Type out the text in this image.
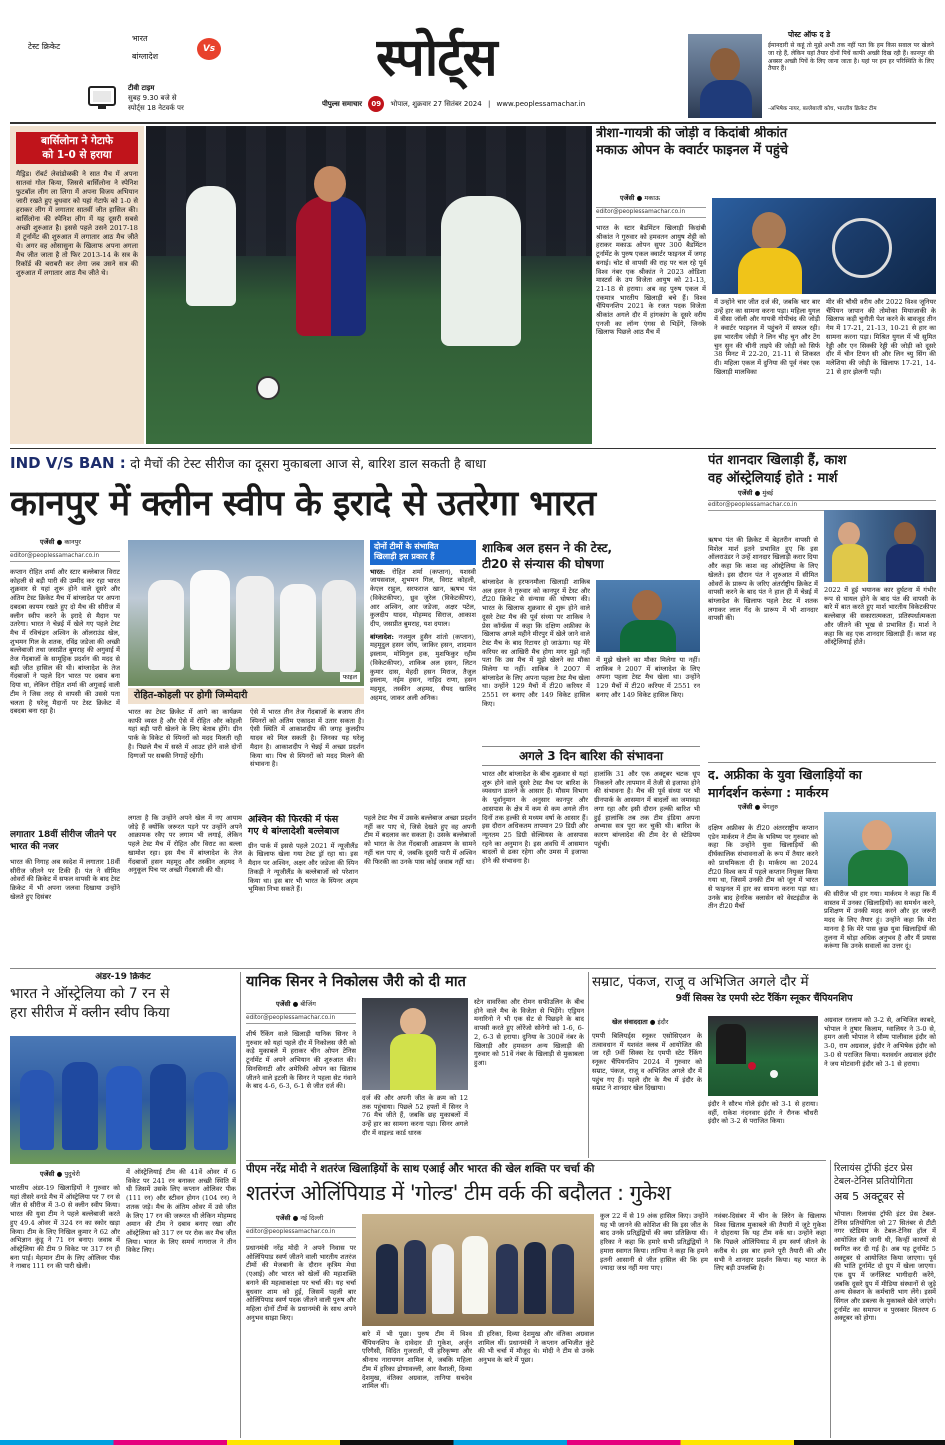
टेस्ट क्रिकेट
भारत
बांग्लादेश
Vs
टीवी टाइम
सुबह 9.30 बजे से
स्पोर्ट्स 18 नेटवर्क पर
स्पोर्ट्स
पीपुल्स समाचार 09 भोपाल, शुक्रवार 27 सितंबर 2024 | www.peoplessamachar.in
पोस्ट ऑफ द डे
ईमानदारी से कहूं तो मुझे अभी तक नहीं पता कि हम किस सवाल पर खेलने जा रहे हैं, लेकिन यहां तैयार दोनों पिचें काफी अच्छी दिख रही हैं। कानपुर की अक्सर अच्छी पिचें के लिए जाना जाता है। यहां पर हम हर परिस्थिति के लिए तैयार हैं।
-अभिषेक नायर, बल्लेबाजी कोच, भारतीय क्रिकेट टीम
बार्सिलोना ने गेटाफे
को 1-0 से हराया
मैड्रिड। रॉबर्ट लेवांडोव्स्की ने सात मैच में अपना सातवां गोल किया, जिससे बार्सिलोना ने स्पेनिश फुटबॉल लीग ला लिगा में अपना विजय अभियान जारी रखते हुए बुधवार को यहां गेटाफे को 1-0 से हराकर लीग में लगातार सातवीं जीत हासिल की। बार्सिलोना की स्पेनिश लीग में यह दूसरी सबसे अच्छी शुरुआत है। इससे पहले उसने 2017-18 में टूर्नामेंट की शुरुआत में लगातार आठ मैच जीते थे। अगर वह ओसासुना के खिलाफ अपना अगला मैच जीत जाता है तो फिर 2013-14 के सत्र के रिकॉर्ड की बराबरी कर लेगा जब उसने सत्र की शुरुआत में लगातार आठ मैच जीते थे।
त्रीशा-गायत्री की जोड़ी व किदांबी श्रीकांत
मकाऊ ओपन के क्वार्टर फाइनल में पहुंचे
एजेंसी ● मकाऊ
editor@peoplessamachar.co.in
भारत के स्टार बैडमिंटन खिलाड़ी किदांबी श्रीकांत ने गुरुवार को हमवतन आयुष शेट्टी को हराकर मकाऊ ओपन सुपर 300 बैडमिंटन टूर्नामेंट के पुरुष एकल क्वार्टर फाइनल में जगह बनाई। चोट से वापसी की राह पर चल रहे पूर्व विश्व नंबर एक श्रीकांत ने 2023 ओडिशा मास्टर्स के उप विजेता आयुष को 21-13, 21-18 से हराया। अब वह पुरुष एकल में एकमात्र भारतीय खिलाड़ी बचे हैं। विश्व चैंपियनशिप 2021 के रजत पदक विजेता श्रीकांत अगले दौर में हांगकांग के दूसरे वरीय एनजी का लॉन्ग एंगस से भिड़ेंगे, जिनके खिलाफ पिछले आठ मैच में
में उन्होंने चार जीत दर्ज की, जबकि चार बार उन्हें हार का सामना करना पड़ा। महिला युगल में त्रीसा जॉली और गायत्री गोपीचंद की जोड़ी ने क्वार्टर फाइनल में पहुंचने में सफल रही। इस भारतीय जोड़ी ने लिन चीह चुन और टेंग चुन सुन की चीनी ताइपे की जोड़ी को सिर्फ 38 मिनट में 22-20, 21-11 से शिकस्त दी। महिला एकल में दुनिया की पूर्व नंबर एक खिलाड़ी मालविका
मीर की चौथी वरीय और 2022 विश्व जूनियर चैंपियन जापान की तोमोका मियाजाकी के खिलाफ कड़ी चुनौती पेश करने के बावजूद तीन गेम में 17-21, 21-13, 10-21 से हार का सामना करना पड़ा। मिश्रित युगल में भी सुमित रेड्डी और एन सिक्की रेड्डी की जोड़ी को दूसरे दौर में चीन टियन सी और लिन च्यु सिंग की मलेशिया की जोड़ी के खिलाफ 17-21, 14-21 से हार झेलनी पड़ी।
IND V/S BAN : दो मैचों की टेस्ट सीरीज का दूसरा मुकाबला आज से, बारिश डाल सकती है बाधा
कानपुर में क्लीन स्वीप के इरादे से उतरेगा भारत
पंत शानदार खिलाड़ी हैं, काश
वह ऑस्ट्रेलियाई होते : मार्श
एजेंसी ● मुंबई
editor@peoplessamachar.co.in
ऋषभ पंत की क्रिकेट में बेहतरीन वापसी से मिशेल मार्श इतने प्रभावित हुए कि इस ऑलराउंडर ने उन्हें शानदार खिलाड़ी करार दिया और कहा कि काश वह ऑस्ट्रेलिया के लिए खेलते। इस दौरान पंत ने शुरुआत में सीमित ओवरों के प्रारूप के जरिए अंतर्राष्ट्रीय क्रिकेट में वापसी करने के बाद पंत ने हाल ही में चेन्नई में बांग्लादेश के खिलाफ पहले टेस्ट में शतक लगाकर लाल गेंद के प्रारूप में भी शानदार वापसी की।
2022 में हुई भयानक कार दुर्घटना में गंभीर रूप से घायल होने के बाद पंत की वापसी के बारे में बात करते हुए मार्श भारतीय विकेटकीपर बल्लेबाज़ की सकारात्मकता, प्रतिस्पर्धात्मकता और जीतने की भूख से प्रभावित हैं। मार्श ने कहा कि वह एक शानदार खिलाड़ी हैं। काश वह ऑस्ट्रेलियाई होते।
एजेंसी ● कानपुर
editor@peoplessamachar.co.in
कप्तान रोहित शर्मा और स्टार बल्लेबाज विराट कोहली से बड़ी पारी की उम्मीद कर रहा भारत शुक्रवार से यहां शुरू होने वाले दूसरे और अंतिम टेस्ट क्रिकेट मैच में बांग्लादेश पर अपना दबदबा कायम रखते हुए दो मैच की सीरीज में क्लीन स्वीप करने के इरादे से मैदान पर उतरेगा। भारत ने चेन्नई में खेले गए पहले टेस्ट मैच में रविचंद्रन अश्विन के ऑलराउंड खेल, शुभमन गिल के शतक, रविंद्र जडेजा की अच्छी बल्लेबाजी तथा जसप्रीत बुमराह की अगुवाई में तेज गेंदबाजों के सामूहिक प्रदर्शन की मदद से बड़ी जीत हासिल की थी। बांग्लादेश के तेज गेंदबाजों ने पहले दिन भारत पर दबाव बना दिया था, लेकिन रोहित शर्मा की अगुवाई वाली टीम ने जिस तरह से वापसी की उससे पता चलता है घरेलू मैदानों पर टेस्ट क्रिकेट में दबदबा बना रहा है।
लगातार 18वीं सीरीज जीतने पर भारत की नजर
भारत की निगाह अब स्वदेश में लगातार 18वीं सीरीज जीतने पर टिकी हैं। पंत ने सीमित ओवरों की क्रिकेट में सफल वापसी के बाद टेस्ट क्रिकेट में भी अपना जलवा दिखाया उन्होंने खेलते हुए दिसंबर
फाइल
रोहित-कोहली पर होगी जिम्मेदारी
भारत का टेस्ट क्रिकेट में आगे का कार्यक्रम काफी व्यस्त है और ऐसे में रोहित और कोहली यहां बड़ी पारी खेलने के लिए बेताब होंगे। ग्रीन पार्क के विकेट से स्पिनरों को मदद मिलती रही है। पिछले मैच में सस्ते में आउट होने वाले दोनों दिग्गजों पर सबकी निगाहें रहेंगी।
ऐसे में भारत तीन तेज गेंदबाजों के बजाय तीन स्पिनरों को अंतिम एकादश में उतार सकता है। ऐसी स्थिति में आकाशदीप की जगह कुलदीप यादव को मिल सकती है। जिनका यह घरेलू मैदान है। आकाशदीप ने चेन्नई में अच्छा प्रदर्शन किया था। पिच से स्पिनरों को मदद मिलने की संभावना है।
दोनों टीमों के संभावित
खिलाड़ी इस प्रकार हैं
भारत: रोहित शर्मा (कप्तान), यशस्वी जायसवाल, शुभमन गिल, विराट कोहली, केएल राहुल, सरफराज खान, ऋषभ पंत (विकेटकीपर), ध्रुव जुरेल (विकेटकीपर), आर अश्विन, आर जडेजा, अक्षर पटेल, कुलदीप यादव, मोहम्मद सिराज, आकाश दीप, जसप्रीत बुमराह, यश दयाल।
बांग्लादेश: नजमुल हुसैन शांतो (कप्तान), महमूदुल हसन जॉय, जाकिर हसन, शादमान इस्लाम, मोमिनुल हक, मुशफिकुर रहीम (विकेटकीपर), शाकिब अल हसन, लिटन कुमार दास, मेहदी हसन मिराज, तैजुल इस्लाम, नईम हसन, नाहिद राणा, हसन महमूद, तस्कीन अहमद, सैयद खालिद अहमद, जाकर अली अनिक।
शाकिब अल हसन ने की टेस्ट,
टी20 से संन्यास की घोषणा
बांग्लादेश के हरफनमौला खिलाड़ी शाकिब अल हसन ने गुरुवार को कानपुर में टेस्ट और टी20 क्रिकेट से संन्यास की घोषणा की। भारत के खिलाफ शुक्रवार से शुरू होने वाले दूसरे टेस्ट मैच की पूर्व संध्या पर शाकिब ने प्रेस कॉन्फ्रेंस में कहा कि दक्षिण अफ्रीका के खिलाफ अगले महीने मीरपुर में खेले जाने वाले टेस्ट मैच के बाद रिटायर हो जाऊंगा। यह मेरे करियर का आखिरी मैच होगा मगर मुझे नहीं पता कि उस मैच में मुझे खेलने का मौका मिलेगा या नहीं। शाकिब ने 2007 में बांग्लादेश के लिए अपना पहला टेस्ट मैच खेला था। उन्होंने 129 मैचों में टी20 करियर में 2551 रन बनाए और 149 विकेट हासिल किए।
में मुझे खेलने का मौका मिलेगा या नहीं। शाकिब ने 2007 में बांग्लादेश के लिए अपना पहला टेस्ट मैच खेला था। उन्होंने 129 मैचों में टी20 करियर में 2551 रन बनाए और 149 विकेट हासिल किए।
अगले 3 दिन बारिश की संभावना
भारत और बांग्लादेश के बीच शुक्रवार से यहां शुरू होने वाले दूसरे टेस्ट मैच पर बारिश के व्यवधान डालने के आसार हैं। मौसम विभाग के पूर्वानुमान के अनुसार कानपुर और आसपास के क्षेत्र में कम से कम अगले तीन दिनों तक हल्की से मध्यम वर्षा के आसार हैं। इस दौरान अधिकतम तापमान 29 डिग्री और न्यूनतम 25 डिग्री सेल्सियस के आसपास रहने का अनुमान है। इस अवधि में आसमान बादलों से ढका रहेगा और उमस में इजाफा होने की संभावना है।
हालांकि 31 और एक अक्टूबर चटक धूप निकलने और तापमान में तेजी से इजाफा होने की संभावना है। मैच की पूर्व संध्या पर भी ग्रीनपार्क के आसमान में बादलों का जमावड़ा लगा रहा और इसी दौरान हल्की बारिश भी हुई हालांकि तब तक टीम इंडिया अपना अभ्यास सत्र पूरा कर चुकी थी। बारिश के कारण बांग्लादेश की टीम देर से स्टेडियम पहुंची।
लगता है कि उन्होंने अपने खेल में नए आयाम जोड़े हैं क्योंकि जरूरत पड़ने पर उन्होंने अपने आक्रामक रवैए पर लगाम भी लगाई, लेकिन पहले टेस्ट मैच में रोहित और विराट का बल्ला खामोश रहा। इस मैच में बांग्लादेश के तेज गेंदबाजों हसन महमूद और तस्कीन अहमद ने अनुकूल पिच पर अच्छी गेंदबाजी की थी।
अश्विन की फिरकी में फंस
गए थे बांग्लादेशी बल्लेबाज
ग्रीन पार्क में इससे पहले 2021 में न्यूजीलैंड के खिलाफ खेला गया टेस्ट ड्रॉ रहा था। इस मैदान पर अश्विन, अक्षर और जडेजा की स्पिन तिकड़ी ने न्यूजीलैंड के बल्लेबाजों को परेशान किया था। इस बार भी भारत के स्पिनर अहम भूमिका निभा सकते हैं।
पहले टेस्ट मैच में उसके बल्लेबाज अच्छा प्रदर्शन नहीं कर पाए थे, जिसे देखते हुए वह अपनी टीम में बदलाव कर सकता है। उसके बल्लेबाजों को भारत के तेज गेंदबाजी आक्रमण के सामने नहीं चल पाए थे, जबकि दूसरी पारी में अश्विन की फिरकी का उनके पास कोई जवाब नहीं था।
द. अफ्रीका के युवा खिलाड़ियों का
मार्गदर्शन करूंगा : मार्करम
एजेंसी ● बेंगलुरु
दक्षिण अफ्रीका के टी20 अंतरराष्ट्रीय कप्तान एडेन मार्करम ने टीम के भविष्य पर गुरुवार को कहा कि उन्होंने युवा खिलाड़ियों की दीर्घकालिक संभावनाओं के रूप में तैयार करने को प्राथमिकता दी है। मार्करम का 2024 टी20 विश्व कप में पहले कप्तान नियुक्त किया गया था, जिसमें उनकी टीम को जून में भारत से फाइनल में हार का सामना करना पड़ा था। उनके बाद हेनरिक क्लासेन को वेस्टइंडीज के तीन टी20 मैचों
की सीरीज भी हार गया। मार्करम ने कहा कि मैं वास्तव में उनका (खिलाड़ियों) का समर्थन करने, प्रशिक्षण में उनकी मदद करने और हर जरूरी मदद के लिए तैयार हूं। उन्होंने कहा कि मेरा मानना है कि मेरे पास कुछ युवा खिलाड़ियों की तुलना में थोड़ा अधिक अनुभव है और मैं प्रयास करूंगा कि उनके सवालों का उत्तर दूं।
अंडर-19 क्रिकेट
भारत ने ऑस्ट्रेलिया को 7 रन से
हरा सीरीज में क्लीन स्वीप किया
एजेंसी ● पुदुचेरी
भारतीय अंडर-19 खिलाड़ियों ने गुरुवार को यहां तीसरे वनडे मैच में ऑस्ट्रेलिया पर 7 रन से जीत से सीरीज में 3-0 से क्लीन स्वीप किया। भारत की युवा टीम ने पहले बल्लेबाजी करते हुए 49.4 ओवर में 324 रन का स्कोर खड़ा किया। टीम के लिए निखिल कुमार ने 62 और अभिज्ञान कुंडू ने 71 रन बनाए। जवाब में ऑस्ट्रेलिया की टीम 9 विकेट पर 317 रन ही बना पाई। मेहमान टीम के लिए ओलिवर पीक ने नाबाद 111 रन की पारी खेली।
में ऑस्ट्रेलियाई टीम की 41वें ओवर में 6 विकेट पर 241 रन बनाकर अच्छी स्थिति में थी जिसमें उसके लिए कप्तान ओलिवर पीक (111 रन) और स्टीवन होगन (104 रन) ने शतक जड़े। मैच के अंतिम ओवर में उसे जीत के लिए 17 रन की जरूरत थी लेकिन मोहम्मद अमान की टीम ने दबाव बनाए रखा और ऑस्ट्रेलिया को 317 रन पर रोक कर मैच जीत लिया। भारत के लिए समर्थ नागराज ने तीन विकेट लिए।
यानिक सिनर ने निकोलस जैरी को दी मात
एजेंसी ● बीजिंग
editor@peoplessamachar.co.in
शीर्ष रैंकिंग वाले खिलाड़ी यानिक सिनर ने गुरुवार को यहां पहले दौर में निकोलस जैरी को कड़े मुकाबले में हराकर चीन ओपन टेनिस टूर्नामेंट में अपने अभियान की शुरुआत की। सिनसिनाटी और अमेरिकी ओपन का खिताब जीतने वाले इटली के सिनर ने पहला सेट गंवाने के बाद 4-6, 6-3, 6-1 से जीत दर्ज की।
दर्ज की और अपनी जीत के क्रम को 12 तक पहुंचाया। पिछले 52 हफ्तों में सिनर ने 76 मैच जीते हैं, जबकि छह मुकाबलों में उन्हें हार का सामना करना पड़ा। सिनर अगले दौर में वाइल्ड कार्ड धारक
स्टेन वावरिंका और रोमन सफीउलिन के बीच होने वाले मैच के विजेता से भिड़ेंगे। एड्रियन मनारिनो ने भी एक सेट से पिछड़ने के बाद वापसी करते हुए लोरेंजो सोनेगो को 1-6, 6-2, 6-3 से हराया। दुनिया के 300वें नंबर के खिलाड़ी और हमवतन अन्य खिलाड़ी की गुरुवार को 51वें नंबर के खिलाड़ी से मुकाबला हुआ।
सम्राट, पंकज, राजू व अभिजित अगले दौर में
9वीं सिक्स रेड एमपी स्टेट रैंकिंग स्नूकर चैंपियनशिप
खेल संवाददाता ● इंदौर
एमपी बिलियर्ड्स स्नूकर एसोसिएशन के तत्वावधान में यशवंत क्लब में आयोजित की जा रही 9वीं सिक्स रेड एमपी स्टेट रैंकिंग स्नूकर चैंपियनशिप 2024 में गुरुवार को सम्राट, पंकज, राजू व अभिजित अगले दौर में पहुंच गए हैं। पहले दौर के मैच में इंदौर के सम्राट ने शानदार खेल दिखाया।
इंदौर ने सौरभ गोले इंदौर को 3-1 से हराया। वहीं, राकेश नंदनवार इंदौर ने रौनक चौधरी इंदौर को 3-2 से पराजित किया।
अग्रवाल रतलाम को 3-2 से, अभिजित काबदे, भोपाल ने तुषार किलाम, ग्वालियर ने 3-0 से, हमन अली भोपाल ने सौम्य पालीवाल इंदौर को 3-0, राम अग्रवाल, इंदौर ने अभिषेक इंदौर को 3-0 से पराजित किया। यशवर्धन अग्रवाल इंदौर ने जय मोटवानी इंदौर को 3-1 से हराया।
पीएम नरेंद्र मोदी ने शतरंज खिलाड़ियों के साथ एआई और भारत की खेल शक्ति पर चर्चा की
शतरंज ओलिंपियाड में 'गोल्ड' टीम वर्क की बदौलत : गुकेश
एजेंसी ● नई दिल्ली
editor@peoplessamachar.co.in
प्रधानमंत्री नरेंद्र मोदी ने अपने निवास पर ओलिंपियाड स्वर्ण जीतने वाली भारतीय शतरंज टीमों की मेजबानी के दौरान कृत्रिम मेधा (एआई) और भारत को खेलों की महाशक्ति बनाने की महत्वाकांक्षा पर चर्चा की। यह चर्चा बुधवार शाम को हुई, जिसमें पहली बार ओलिंपियाड स्वर्ण पदक जीतने वाली पुरुष और महिला दोनों टीमों के प्रधानमंत्री के साथ अपने अनुभव साझा किए।
बारे में भी पूछा। पुरुष टीम में विश्व चैंपियनशिप के दावेदार डी गुकेश, अर्जुन एरिगैसी, विदित गुजराती, पी हरिकृष्णा और श्रीनाथ नारायणन शामिल थे, जबकि महिला टीम में हरिका द्रोणावल्ली, आर वैशाली, दिव्या देशमुख, वंतिका अग्रवाल, तानिया सचदेव शामिल थीं।
डी हरिका, दिव्या देशमुख और वंतिका अग्रवाल शामिल थीं। प्रधानमंत्री ने कप्तान अभिजीत कुंटे की भी चर्चा में मौजूद थे। मोदी ने टीम से उनके अनुभव के बारे में पूछा।
कुल 22 में से 19 अंक हासिल किए। उन्होंने यह भी जानने की कोशिश की कि इस जीत के बाद उनके प्रतिद्वंद्वियों की क्या प्रतिक्रिया थी। हरिका ने कहा कि हमारे सभी प्रतिद्वंद्वियों ने हमारा स्वागत किया। तानिया ने कहा कि हमने इतनी आसानी से जीत हासिल की कि हम ज्यादा जश्न नहीं मना पाए।
नवंबर-दिसंबर में चीन के लिरेन के खिलाफ विश्व खिताब मुकाबले की तैयारी में जुटे गुकेश ने दोहराया कि यह टीम वर्क था। उन्होंने कहा कि पिछले ओलिंपियाड में हम स्वर्ण जीतने के करीब थे। इस बार हमने पूरी तैयारी की और सभी ने शानदार प्रदर्शन किया। यह भारत के लिए बड़ी उपलब्धि है।
रिलायंस ट्रॉफी इंटर प्रेस
टेबल-टेनिस प्रतियोगिता
अब 5 अक्टूबर से
भोपाल। रिलायंस ट्रॉफी इंटर प्रेस टेबल-टेनिस प्रतियोगिता जो 27 सितंबर से टीटी नगर स्टेडियम के टेबल-टेनिस हॉल में आयोजित की जानी थी, किन्हीं कारणों से स्थगित कर दी गई है। अब यह टूर्नामेंट 5 अक्टूबर से आयोजित किया जाएगा। पूर्व की भांति टूर्नामेंट दो ग्रुप में खेला जाएगा। एक ग्रुप में जर्नलिस्ट भागीदारी करेंगे, जबकि दूसरे ग्रुप में मीडिया संस्थानों से जुड़े अन्य सेक्शन के कर्मचारी भाग लेंगे। इसमें सिंगल और डबल्स के मुकाबले खेले जाएंगे। टूर्नामेंट का समापन व पुरस्कार वितरण 6 अक्टूबर को होगा।
